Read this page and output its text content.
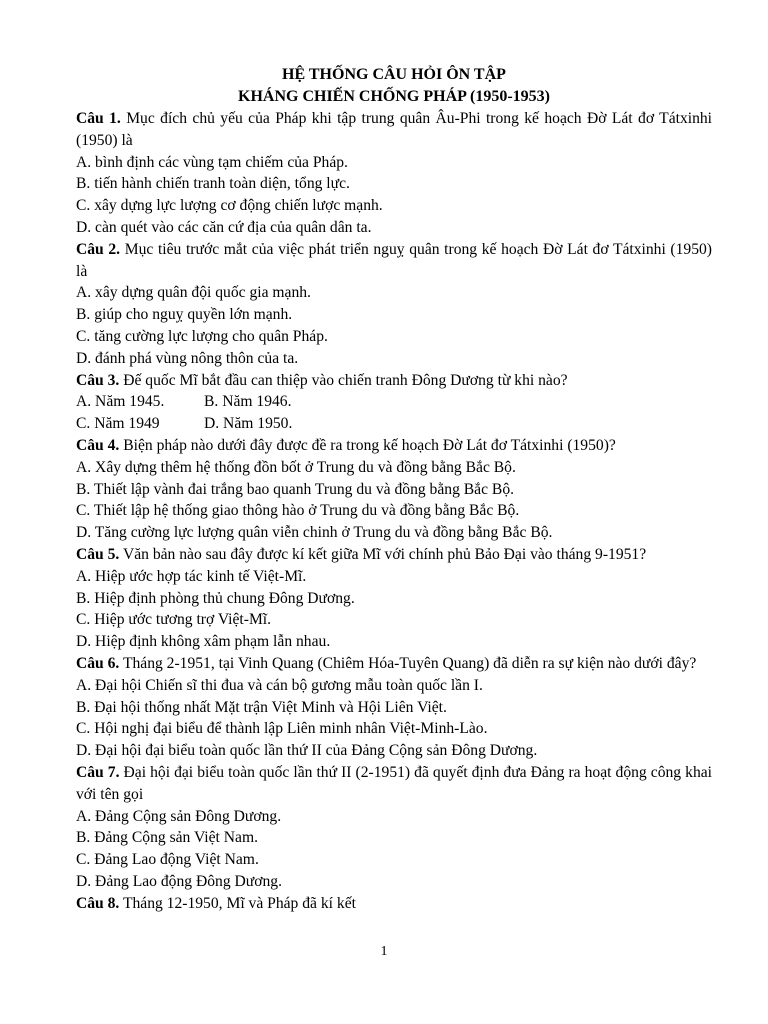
HỆ THỐNG CÂU HỎI ÔN TẬP
KHÁNG CHIẾN CHỐNG PHÁP (1950-1953)
Câu 1. Mục đích chủ yếu của Pháp khi tập trung quân Âu-Phi trong kế hoạch Đờ Lát đơ Tátxinhi (1950) là
A. bình định các vùng tạm chiếm của Pháp.
B. tiến hành chiến tranh toàn diện, tổng lực.
C. xây dựng lực lượng cơ động chiến lược mạnh.
D. càn quét vào các căn cứ địa của quân dân ta.
Câu 2. Mục tiêu trước mắt của việc phát triển nguỵ quân trong kế hoạch Đờ Lát đơ Tátxinhi (1950) là
A. xây dựng quân đội quốc gia mạnh.
B. giúp cho nguỵ quyền lớn mạnh.
C. tăng cường lực lượng cho quân Pháp.
D. đánh phá vùng nông thôn của ta.
Câu 3. Đế quốc Mĩ bắt đầu can thiệp vào chiến tranh Đông Dương từ khi nào?
A. Năm 1945.	B. Năm 1946.
C. Năm 1949	D. Năm 1950.
Câu 4. Biện pháp nào dưới đây được đề ra trong kế hoạch Đờ Lát đơ Tátxinhi (1950)?
A. Xây dựng thêm hệ thống đồn bốt ở Trung du và đồng bằng Bắc Bộ.
B. Thiết lập vành đai trắng bao quanh Trung du và đồng bằng Bắc Bộ.
C. Thiết lập hệ thống giao thông hào ở Trung du và đồng bằng Bắc Bộ.
D. Tăng cường lực lượng quân viễn chinh ở Trung du và đồng bằng Bắc Bộ.
Câu 5. Văn bản nào sau đây được kí kết giữa Mĩ với chính phủ Bảo Đại vào tháng 9-1951?
A. Hiệp ước hợp tác kinh tế Việt-Mĩ.
B. Hiệp định phòng thủ chung Đông Dương.
C. Hiệp ước tương trợ Việt-Mĩ.
D. Hiệp định không xâm phạm lẫn nhau.
Câu 6. Tháng 2-1951, tại Vinh Quang (Chiêm Hóa-Tuyên Quang) đã diễn ra sự kiện nào dưới đây?
A. Đại hội Chiến sĩ thi đua và cán bộ gương mẫu toàn quốc lần I.
B. Đại hội thống nhất Mặt trận Việt Minh và Hội Liên Việt.
C. Hội nghị đại biểu để thành lập Liên minh nhân Việt-Minh-Lào.
D. Đại hội đại biểu toàn quốc lần thứ II của Đảng Cộng sản Đông Dương.
Câu 7. Đại hội đại biểu toàn quốc lần thứ II (2-1951) đã quyết định đưa Đảng ra hoạt động công khai với tên gọi
A. Đảng Cộng sản Đông Dương.
B. Đảng Cộng sản Việt Nam.
C. Đảng Lao động Việt Nam.
D. Đảng Lao động Đông Dương.
Câu 8. Tháng 12-1950, Mĩ và Pháp đã kí kết
1
